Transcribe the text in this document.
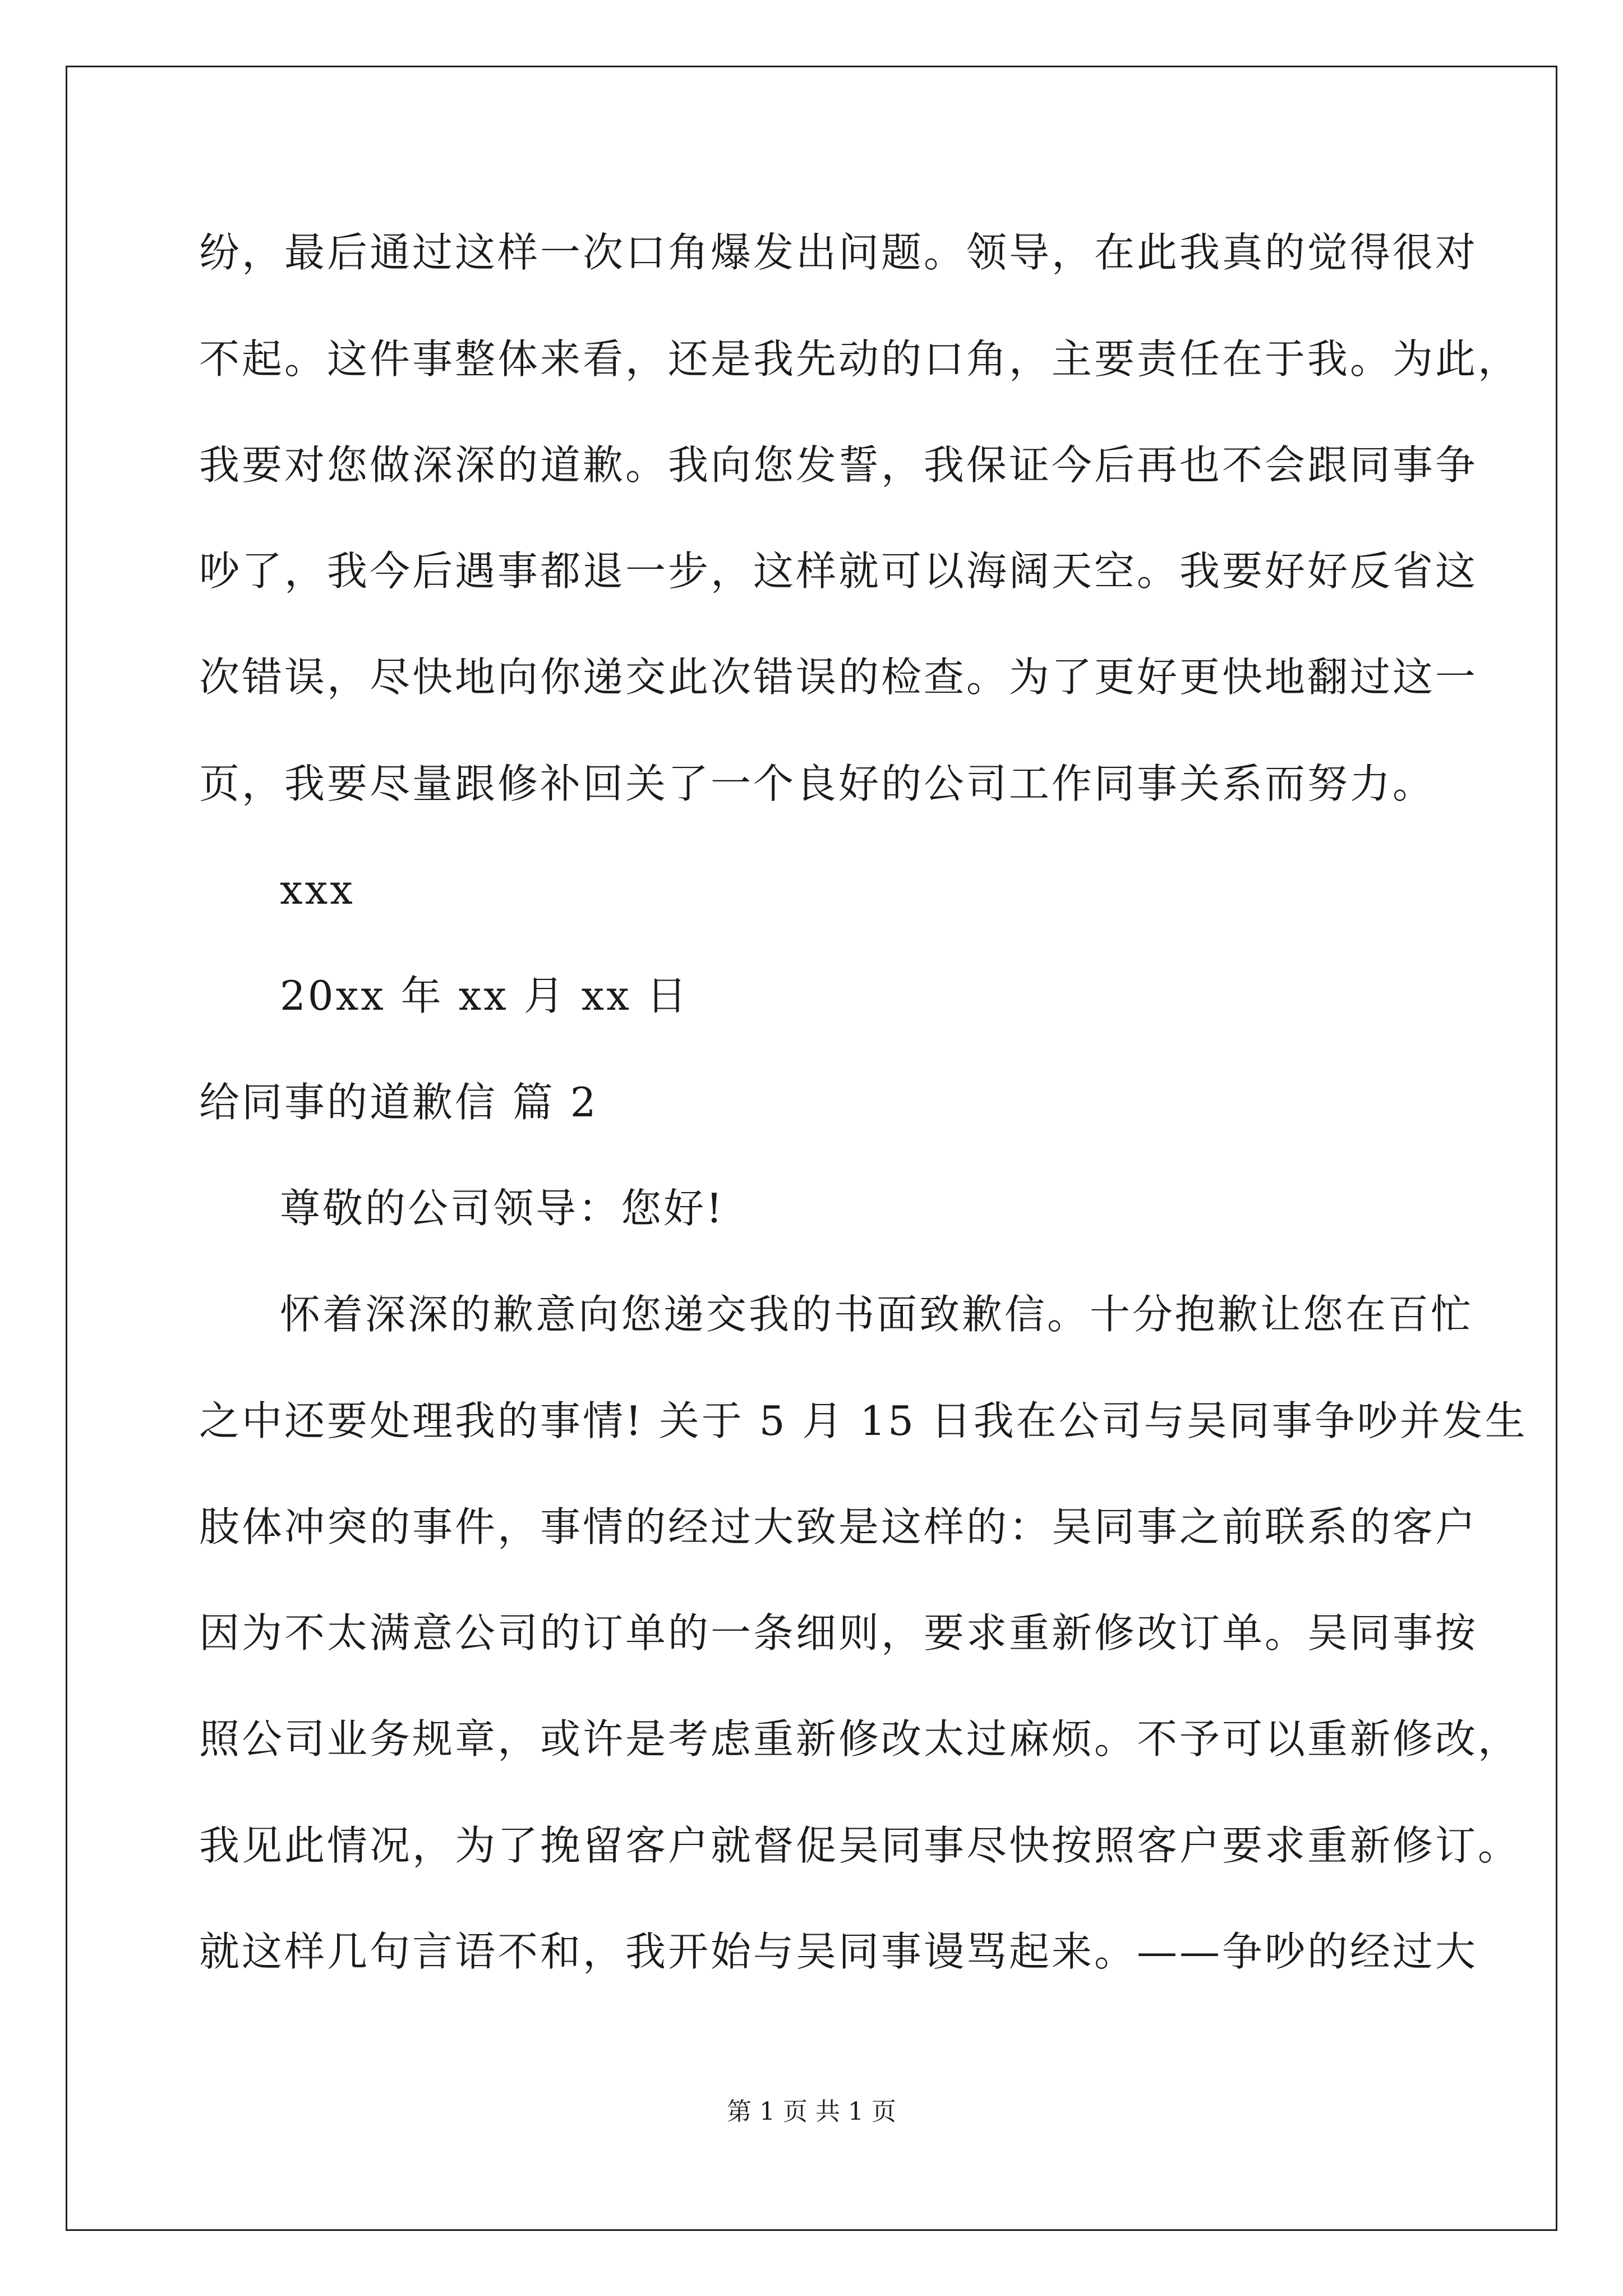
纷，最后通过这样一次口角爆发出问题。领导，在此我真的觉得很对
不起。这件事整体来看，还是我先动的口角，主要责任在于我。为此，
我要对您做深深的道歉。我向您发誓，我保证今后再也不会跟同事争
吵了，我今后遇事都退一步，这样就可以海阔天空。我要好好反省这
次错误，尽快地向你递交此次错误的检查。为了更好更快地翻过这一
页，我要尽量跟修补回关了一个良好的公司工作同事关系而努力。
xxx
20xx 年 xx 月 xx 日
给同事的道歉信 篇 2
尊敬的公司领导：您好!
怀着深深的歉意向您递交我的书面致歉信。十分抱歉让您在百忙
之中还要处理我的事情! 关于 5 月 15 日我在公司与吴同事争吵并发生
肢体冲突的事件，事情的经过大致是这样的：吴同事之前联系的客户
因为不太满意公司的订单的一条细则，要求重新修改订单。吴同事按
照公司业务规章，或许是考虑重新修改太过麻烦。不予可以重新修改，
我见此情况，为了挽留客户就督促吴同事尽快按照客户要求重新修订。
就这样几句言语不和，我开始与吴同事谩骂起来。——争吵的经过大
第 1 页 共 1 页
